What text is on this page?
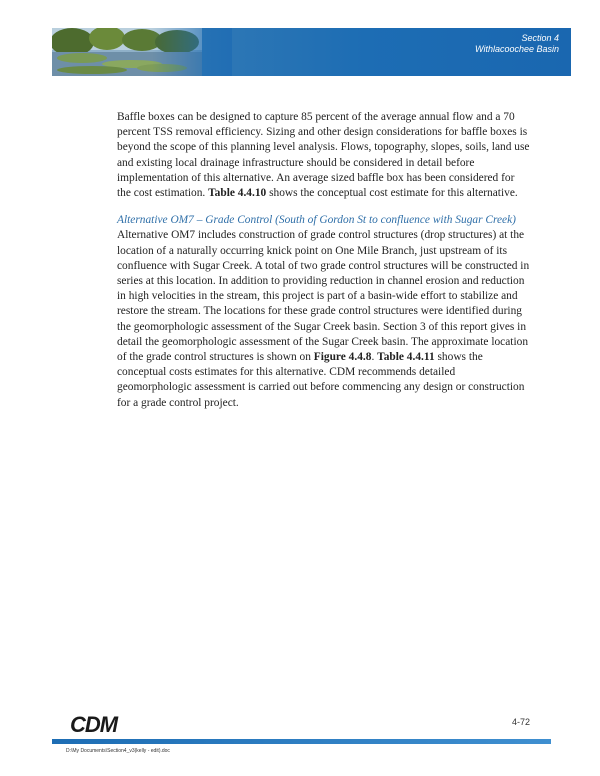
Section 4
Withlacoochee Basin

Baffle boxes can be designed to capture 85 percent of the average annual flow and a 70 percent TSS removal efficiency. Sizing and other design considerations for baffle boxes is beyond the scope of this planning level analysis. Flows, topography, slopes, soils, land use and existing local drainage infrastructure should be considered in detail before implementation of this alternative. An average sized baffle box has been considered for the cost estimation. Table 4.4.10 shows the conceptual cost estimate for this alternative.

Alternative OM7 – Grade Control (South of Gordon St to confluence with Sugar Creek)

Alternative OM7 includes construction of grade control structures (drop structures) at the location of a naturally occurring knick point on One Mile Branch, just upstream of its confluence with Sugar Creek. A total of two grade control structures will be constructed in series at this location. In addition to providing reduction in channel erosion and reduction in high velocities in the stream, this project is part of a basin-wide effort to stabilize and restore the stream. The locations for these grade control structures were identified during the geomorphologic assessment of the Sugar Creek basin. Section 3 of this report gives in detail the geomorphologic assessment of the Sugar Creek basin. The approximate location of the grade control structures is shown on Figure 4.4.8. Table 4.4.11 shows the conceptual costs estimates for this alternative. CDM recommends detailed geomorphologic assessment is carried out before commencing any design or construction for a grade control project.

CDM	4-72
D:\My Documents\Section4_v3(kelly - edit).doc
